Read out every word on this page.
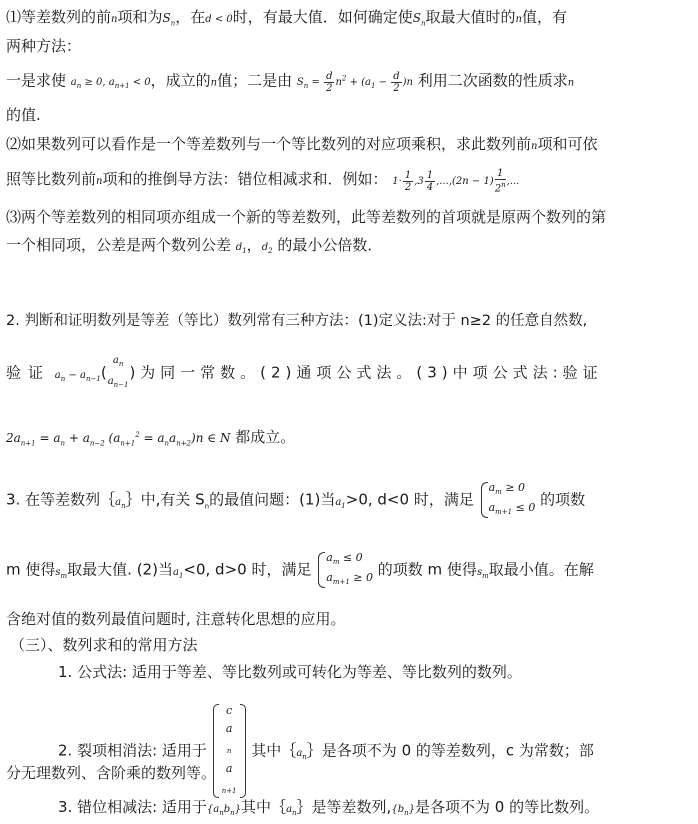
⑴等差数列的前n项和为$S_n$，在d < 0时，有最大值．如何确定使$S_n$取最大值时的n值，有
两种方法：
一是求使 $a_n \ge 0$, $a_{n+1} < 0$，成立的n值；二是由 $S_n = \frac{d}{2} n^2 + (a_1 - \frac{d}{2} )n$ 利用二次函数的性质求n
的值.
⑵如果数列可以看作是一个等差数列与一个等比数列的对应项乘积，求此数列前n项和可依
照等比数列前n项和的推倒导方法：错位相减求和．例如： $1\cdot \frac{1}{2} ,3 \frac{1}{4} ,...,(2n - 1) \frac{1}{2^n}$ ,...
⑶两个等差数列的相同项亦组成一个新的等差数列，此等差数列的首项就是原两个数列的第
一个相同项，公差是两个数列公差 $d_1$，$d_2$ 的最小公倍数．
2. 判断和证明数列是等差（等比）数列常有三种方法：(1)定义法:对于 n≥2 的任意自然数,
验证 $a_n - a_{n-1}$(
$a_n$
$a_{n-1}$
) 为同一常数。(2)通项公式法。(3)中项公式法:验证
$2a_{n+1} = a_n + a_{n-2}$ $(a_{n+1}^2 = a_na_{n+2})n$ ∈ N 都成立。
3. 在等差数列$\{a_n\}$中,有关 $S_n$的最值问题：(1)当$a_1>0$, d<0 时，满足
$a_m \ge 0$
$a_{m+1} \le 0$ 的项数
m 使得$s_m$取最大值. (2)当$a_1<0$, d>0 时，满足
$a_m \le 0$
$a_{m+1} \ge 0$ 的项数 m 使得$s_m$取最小值。在解
含绝对值的数列最值问题时, 注意转化思想的应用。
（三）、数列求和的常用方法
1. 公式法: 适用于等差、等比数列或可转化为等差、等比数列的数列。
2. 裂项相消法: 适用于
c
a
$_n$
a
$_{n+1}$
其中$\{a_n\}$是各项不为 0 的等差数列，c 为常数；部
分无理数列、含阶乘的数列等。
3. 错位相减法: 适用于$\{a_nb_n\}$其中$\{a_n\}$是等差数列$,\{b_n\}$是各项不为 0 的等比数列。
